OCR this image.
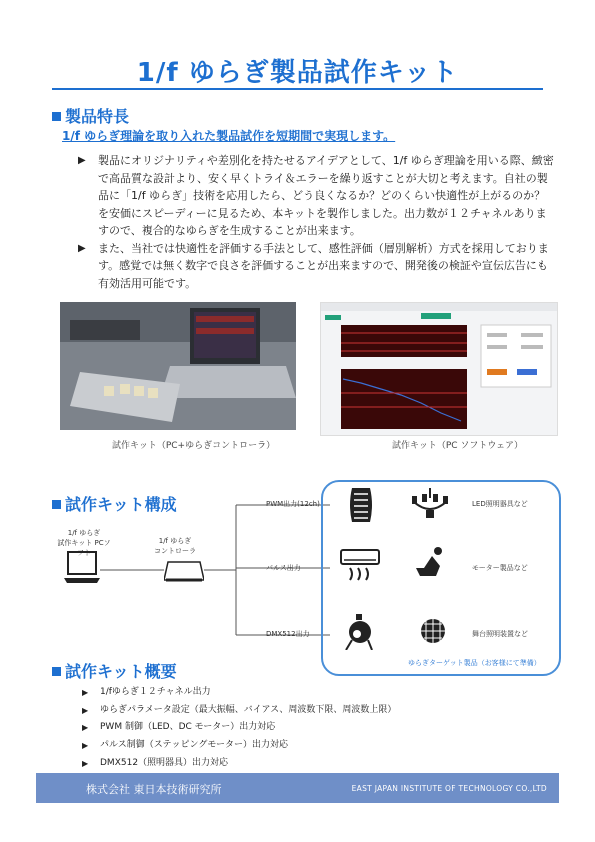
1/f ゆらぎ製品試作キット
製品特長
1/f ゆらぎ理論を取り入れた製品試作を短期間で実現します。
▶ 製品にオリジナリティや差別化を持たせるアイデアとして、1/f ゆらぎ理論を用いる際、緻密で高品質な設計より、安く早くトライ＆エラーを繰り返すことが大切と考えます。自社の製品に「1/f ゆらぎ」技術を応用したら、どう良くなるか？どのくらい快適性が上がるのか？を安価にスピーディーに見るため、本キットを製作しました。出力数が１２チャネルありますので、複合的なゆらぎを生成することが出来ます。
▶ また、当社では快適性を評価する手法として、感性評価（層別解析）方式を採用しております。感覚では無く数字で良さを評価することが出来ますので、開発後の検証や宣伝広告にも有効活用可能です。
試作キット（PC+ゆらぎコントローラ）	試作キット（PC ソフトウェア）
試作キット構成
1/f ゆらぎ
試作キット PCソフト
1/f ゆらぎ
コントローラ
PWM出力(12ch)
パルス出力
DMX512出力
LED照明器具など
モーター製品など
舞台照明装置など
ゆらぎターゲット製品（お客様にて準備）
試作キット概要
▶ 1/fゆらぎ１２チャネル出力
▶ ゆらぎパラメータ設定（最大振幅、バイアス、周波数下限、周波数上限）
▶ PWM 制御（LED、DC モーター）出力対応
▶ パルス制御（ステッピングモーター）出力対応
▶ DMX512（照明器具）出力対応
株式会社 東日本技術研究所	EAST JAPAN INSTITUTE OF TECHNOLOGY CO.,LTD
